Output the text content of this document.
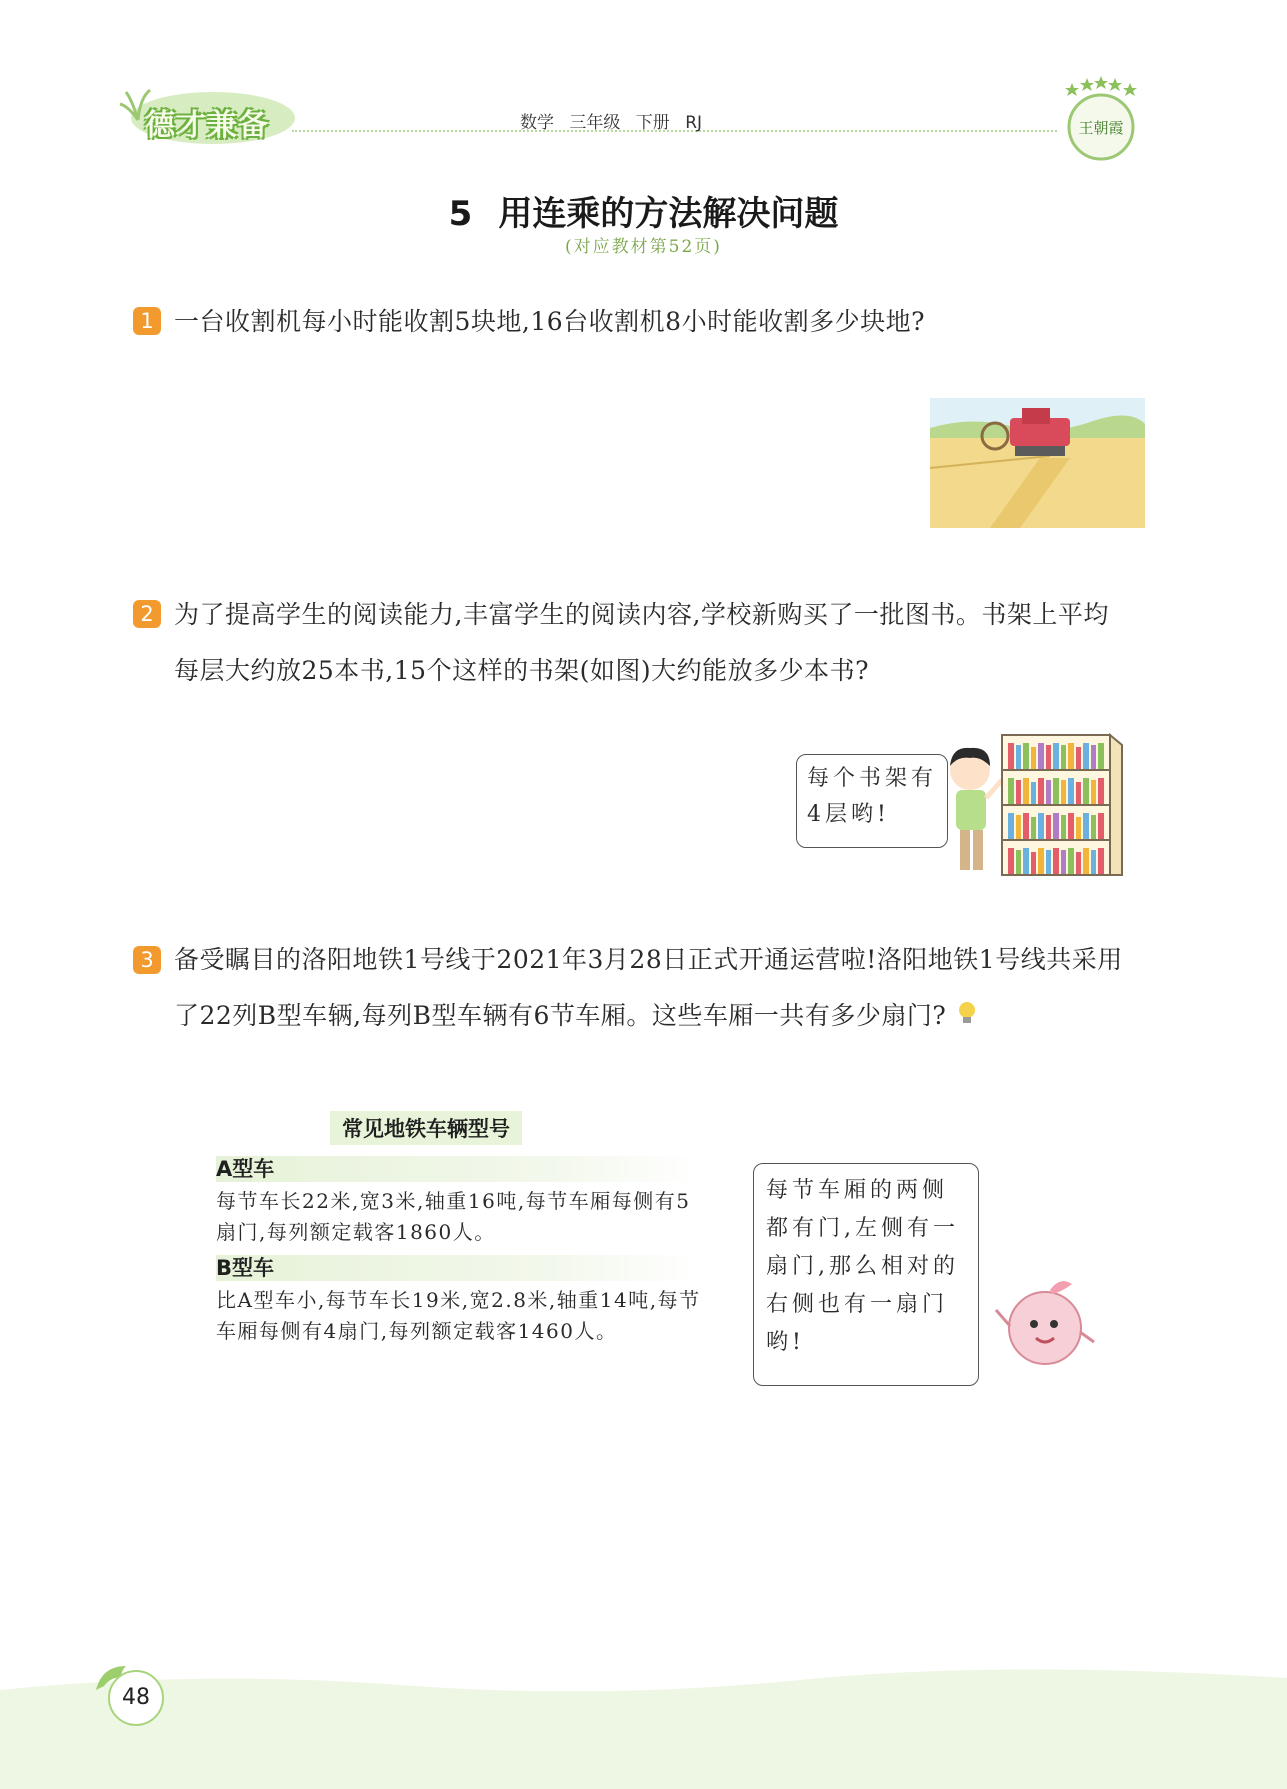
德才兼备	数学 三年级 下册 RJ	王朝霞
5 用连乘的方法解决问题
(对应教材第52页)
1 一台收割机每小时能收割5块地,16台收割机8小时能收割多少块地?
2 为了提高学生的阅读能力,丰富学生的阅读内容,学校新购买了一批图书。书架上平均每层大约放25本书,15个这样的书架(如图)大约能放多少本书?
每个书架有4层哟!
3 备受瞩目的洛阳地铁1号线于2021年3月28日正式开通运营啦!洛阳地铁1号线共采用了22列B型车辆,每列B型车辆有6节车厢。这些车厢一共有多少扇门?
常见地铁车辆型号
A型车
每节车长22米,宽3米,轴重16吨,每节车厢每侧有5扇门,每列额定载客1860人。
B型车
比A型车小,每节车长19米,宽2.8米,轴重14吨,每节车厢每侧有4扇门,每列额定载客1460人。
每节车厢的两侧都有门,左侧有一扇门,那么相对的右侧也有一扇门哟!
48
